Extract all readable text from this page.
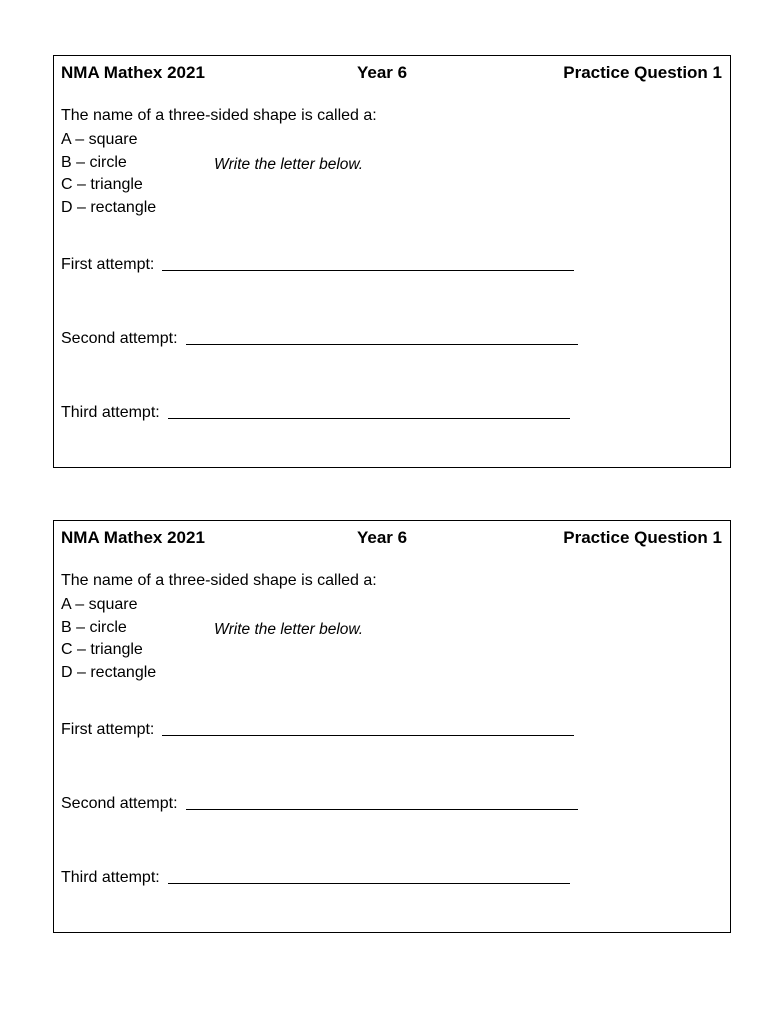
NMA Mathex 2021	Year 6	Practice Question 1
The name of a three-sided shape is called a:
A – square
B – circle
C – triangle
D – rectangle
Write the letter below.
First attempt:
Second attempt:
Third attempt:
NMA Mathex 2021	Year 6	Practice Question 1
The name of a three-sided shape is called a:
A – square
B – circle
C – triangle
D – rectangle
Write the letter below.
First attempt:
Second attempt:
Third attempt:
